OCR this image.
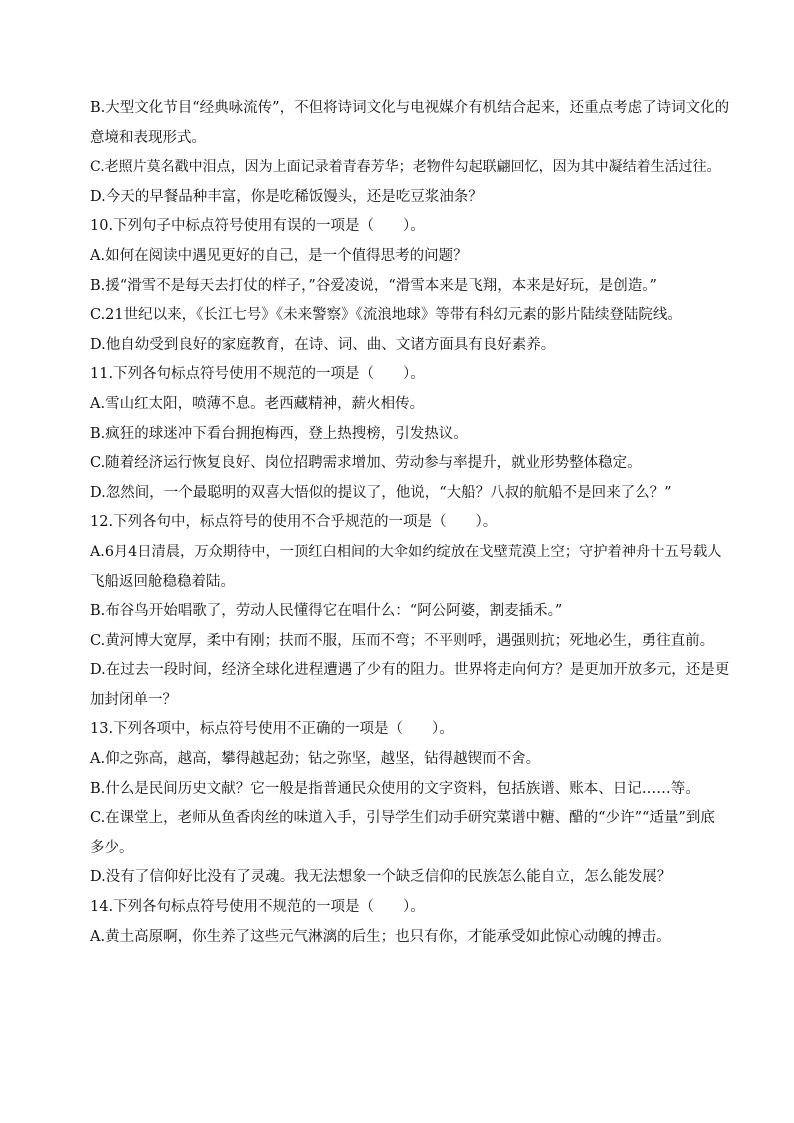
B.大型文化节目“经典咏流传”，不但将诗词文化与电视媒介有机结合起来，还重点考虑了诗词文化的
意境和表现形式。
C.老照片莫名戳中泪点，因为上面记录着青春芳华；老物件勾起联翩回忆，因为其中凝结着生活过往。
D.今天的早餐品种丰富，你是吃稀饭馒头，还是吃豆浆油条？
10.下列句子中标点符号使用有误的一项是（　　）。
A.如何在阅读中遇见更好的自己，是一个值得思考的问题？
B.援“滑雪不是每天去打仗的样子，”谷爱凌说，“滑雪本来是飞翔，本来是好玩，是创造。”
C.21世纪以来，《长江七号》《未来警察》《流浪地球》等带有科幻元素的影片陆续登陆院线。
D.他自幼受到良好的家庭教育，在诗、词、曲、文诸方面具有良好素养。
11.下列各句标点符号使用不规范的一项是（　　）。
A.雪山红太阳，喷薄不息。老西藏精神，薪火相传。
B.疯狂的球迷冲下看台拥抱梅西，登上热搜榜，引发热议。
C.随着经济运行恢复良好、岗位招聘需求增加、劳动参与率提升，就业形势整体稳定。
D.忽然间，一个最聪明的双喜大悟似的提议了，他说，“大船？八叔的航船不是回来了么？”
12.下列各句中，标点符号的使用不合乎规范的一项是（　　）。
A.6月4日清晨，万众期待中，一顶红白相间的大伞如约绽放在戈壁荒漠上空；守护着神舟十五号载人
飞船返回舱稳稳着陆。
B.布谷鸟开始唱歌了，劳动人民懂得它在唱什么：“阿公阿婆，割麦插禾。”
C.黄河博大宽厚，柔中有刚；扶而不服，压而不弯；不平则呼，遇强则抗；死地必生，勇往直前。
D.在过去一段时间，经济全球化进程遭遇了少有的阻力。世界将走向何方？是更加开放多元，还是更
加封闭单一？
13.下列各项中，标点符号使用不正确的一项是（　　）。
A.仰之弥高，越高，攀得越起劲；钻之弥坚，越坚，钻得越锲而不舍。
B.什么是民间历史文献？它一般是指普通民众使用的文字资料，包括族谱、账本、日记……等。
C.在课堂上，老师从鱼香肉丝的味道入手，引导学生们动手研究菜谱中糖、醋的“少许”“适量”到底
多少。
D.没有了信仰好比没有了灵魂。我无法想象一个缺乏信仰的民族怎么能自立，怎么能发展？
14.下列各句标点符号使用不规范的一项是（　　）。
A.黄土高原啊，你生养了这些元气淋漓的后生；也只有你，才能承受如此惊心动魄的搏击。
